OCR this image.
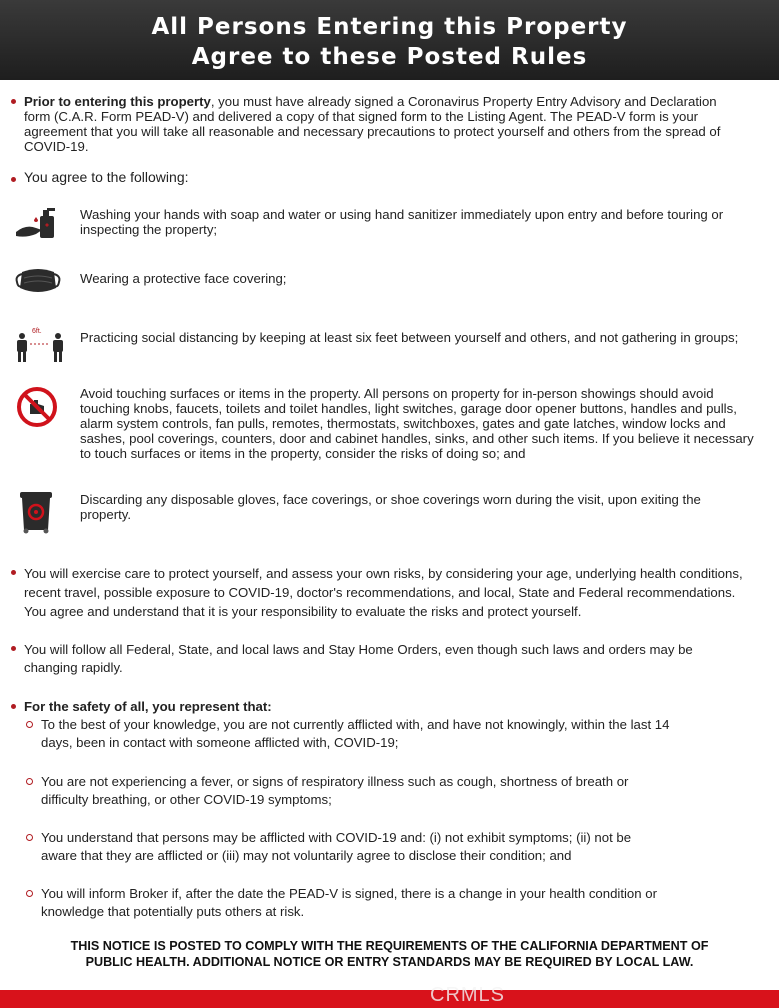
All Persons Entering this Property
Agree to these Posted Rules
Prior to entering this property, you must have already signed a Coronavirus Property Entry Advisory and Declaration
form (C.A.R. Form PEAD-V) and delivered a copy of that signed form to the Listing Agent. The PEAD-V form is your
agreement that you will take all reasonable and necessary precautions to protect yourself and others from the spread of
COVID-19.
You agree to the following:
Washing your hands with soap and water or using hand sanitizer immediately upon entry and before touring or
inspecting the property;
Wearing a protective face covering;
6ft.	Practicing social distancing by keeping at least six feet between yourself and others, and not gathering in groups;
Avoid touching surfaces or items in the property. All persons on property for in-person showings should avoid
touching knobs, faucets, toilets and toilet handles, light switches, garage door opener buttons, handles and pulls,
alarm system controls, fan pulls, remotes, thermostats, switchboxes, gates and gate latches, window locks and
sashes, pool coverings, counters, door and cabinet handles, sinks, and other such items. If you believe it necessary
to touch surfaces or items in the property, consider the risks of doing so; and
Discarding any disposable gloves, face coverings, or shoe coverings worn during the visit, upon exiting the
property.
You will exercise care to protect yourself, and assess your own risks, by considering your age, underlying health conditions,
recent travel, possible exposure to COVID-19, doctor's recommendations, and local, State and Federal recommendations.
You agree and understand that it is your responsibility to evaluate the risks and protect yourself.
You will follow all Federal, State, and local laws and Stay Home Orders, even though such laws and orders may be
changing rapidly.
For the safety of all, you represent that:
To the best of your knowledge, you are not currently afflicted with, and have not knowingly, within the last 14
days, been in contact with someone afflicted with, COVID-19;
You are not experiencing a fever, or signs of respiratory illness such as cough, shortness of breath or
difficulty breathing, or other COVID-19 symptoms;
You understand that persons may be afflicted with COVID-19 and: (i) not exhibit symptoms; (ii) not be
aware that they are afflicted or (iii) may not voluntarily agree to disclose their condition; and
You will inform Broker if, after the date the PEAD-V is signed, there is a change in your health condition or
knowledge that potentially puts others at risk.
THIS NOTICE IS POSTED TO COMPLY WITH THE REQUIREMENTS OF THE CALIFORNIA DEPARTMENT OF
PUBLIC HEALTH. ADDITIONAL NOTICE OR ENTRY STANDARDS MAY BE REQUIRED BY LOCAL LAW.
CRMLS
